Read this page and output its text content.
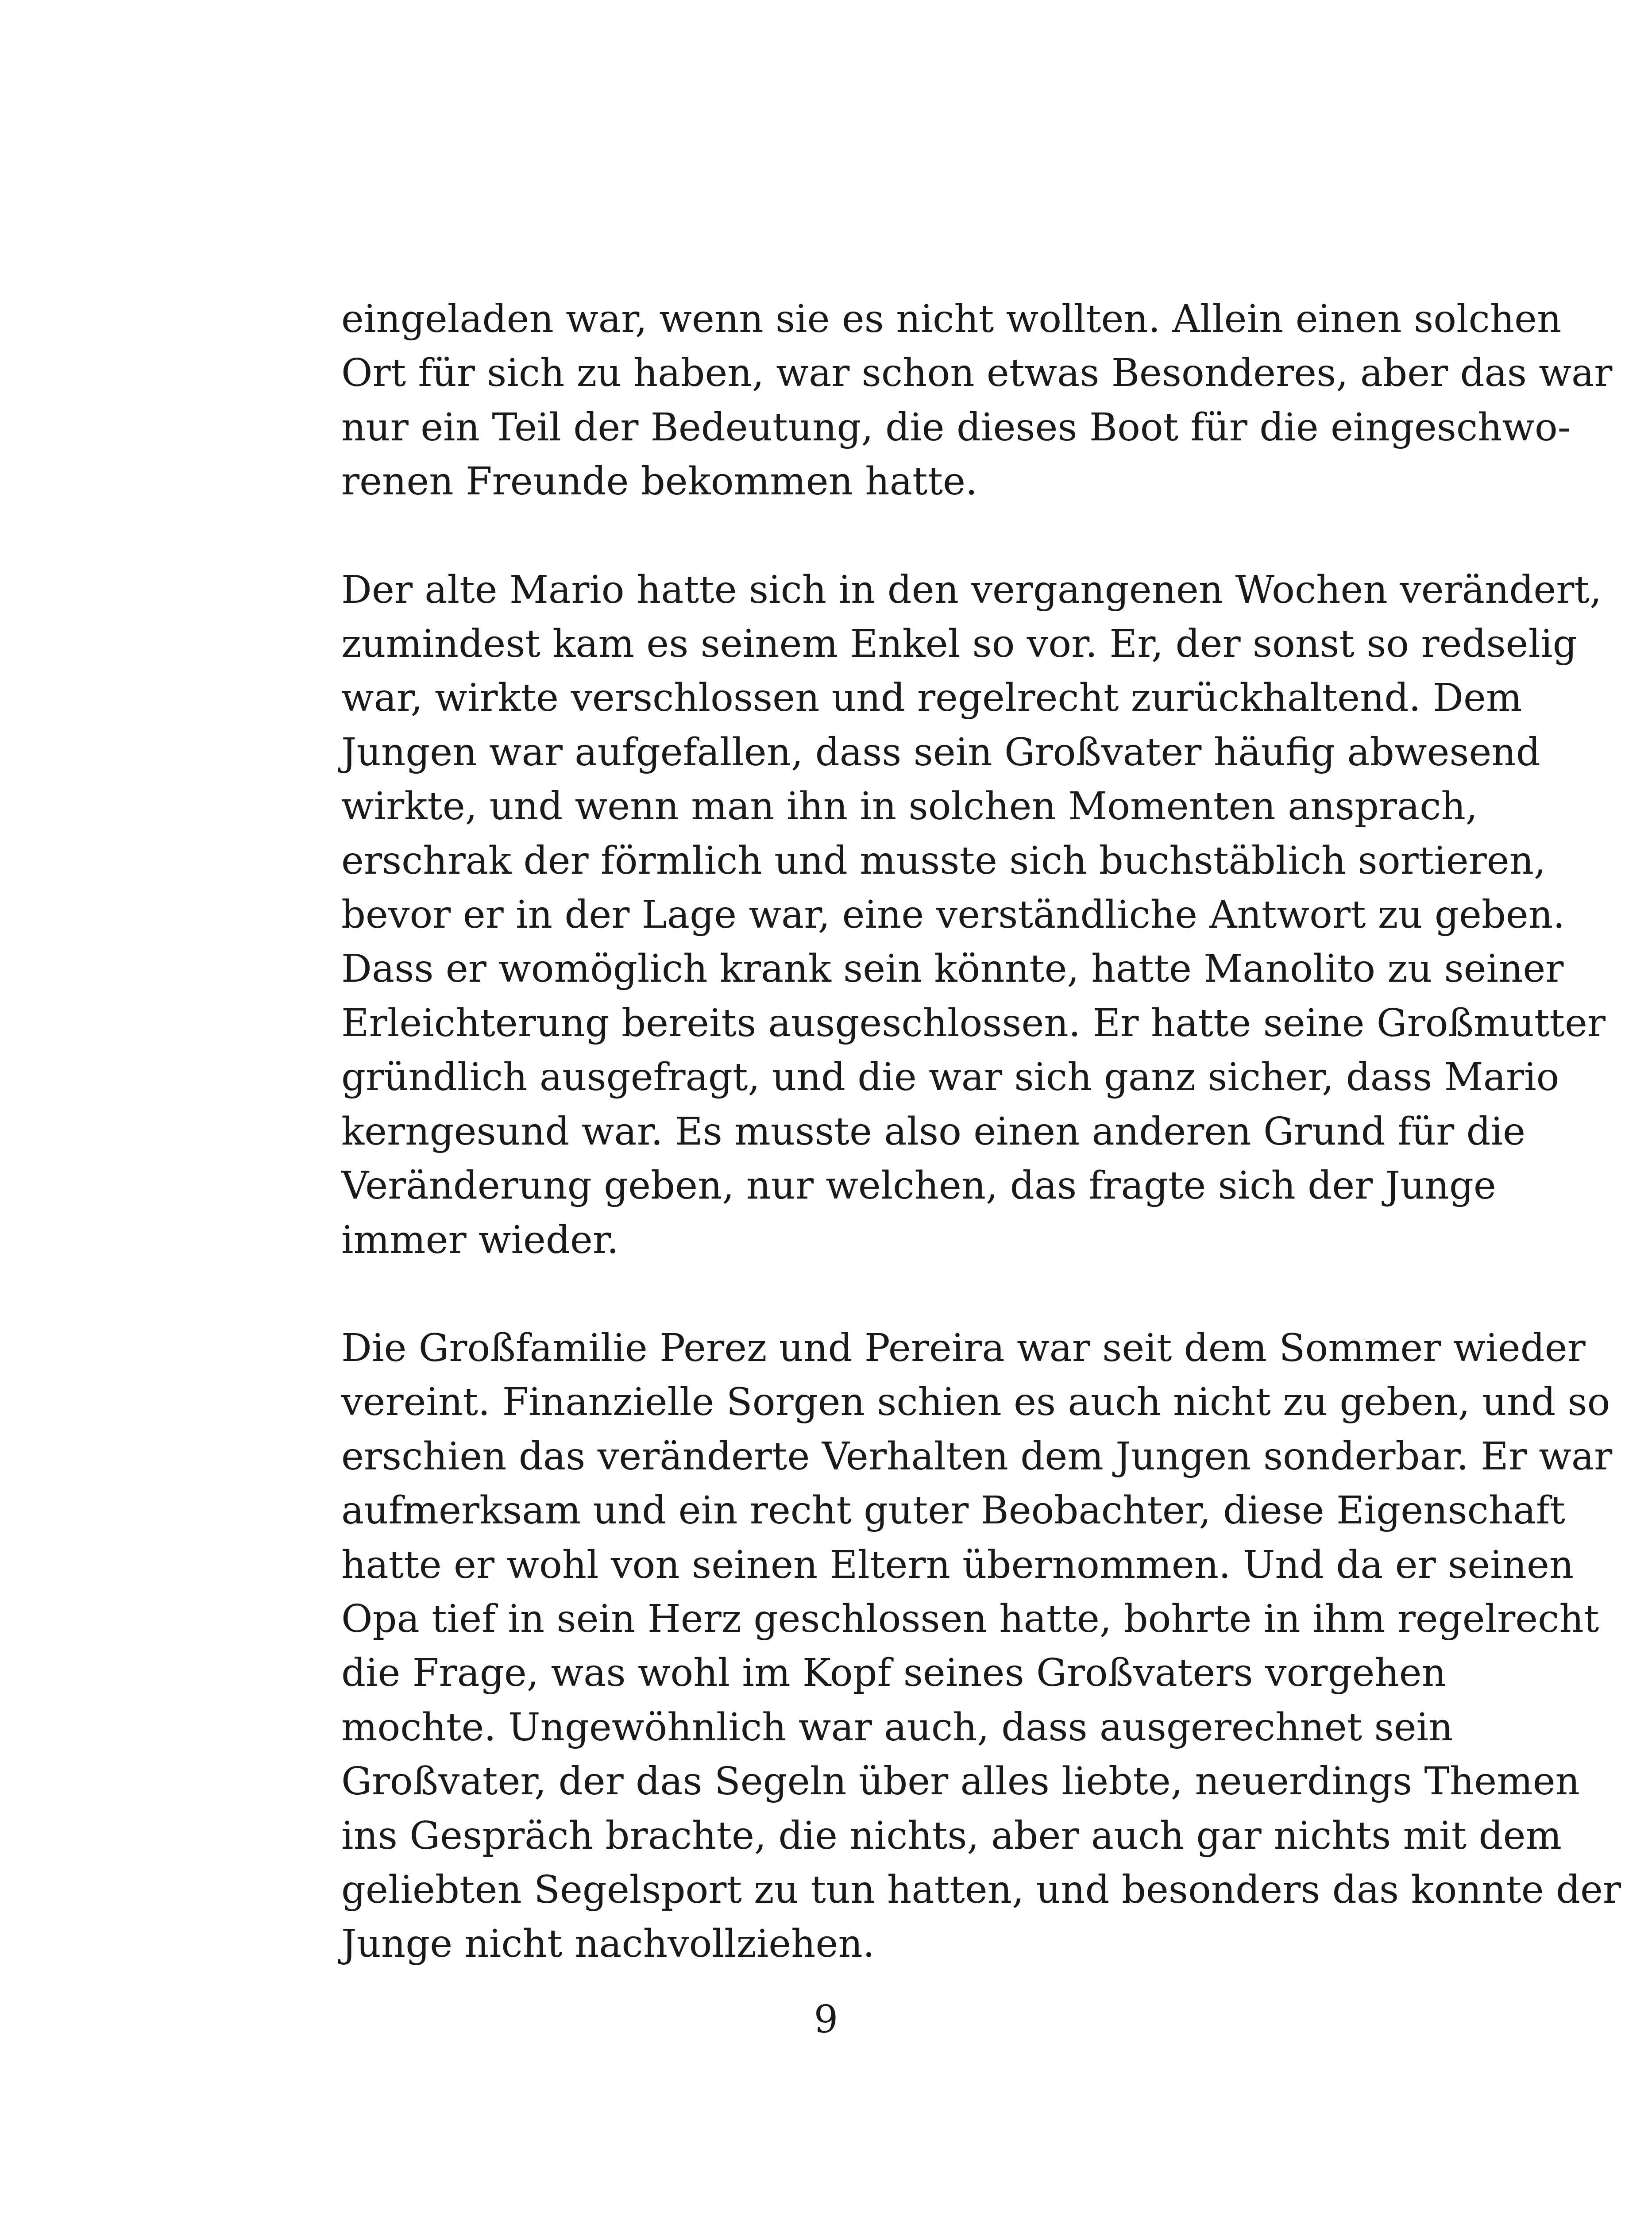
eingeladen war, wenn sie es nicht wollten. Allein einen solchen
Ort für sich zu haben, war schon etwas Besonderes, aber das war
nur ein Teil der Bedeutung, die dieses Boot für die eingeschwo-
renen Freunde bekommen hatte.
Der alte Mario hatte sich in den vergangenen Wochen verändert,
zumindest kam es seinem Enkel so vor. Er, der sonst so redselig
war, wirkte verschlossen und regelrecht zurückhaltend. Dem
Jungen war aufgefallen, dass sein Großvater häufig abwesend
wirkte, und wenn man ihn in solchen Momenten ansprach,
erschrak der förmlich und musste sich buchstäblich sortieren,
bevor er in der Lage war, eine verständliche Antwort zu geben.
Dass er womöglich krank sein könnte, hatte Manolito zu seiner
Erleichterung bereits ausgeschlossen. Er hatte seine Großmutter
gründlich ausgefragt, und die war sich ganz sicher, dass Mario
kerngesund war. Es musste also einen anderen Grund für die
Veränderung geben, nur welchen, das fragte sich der Junge
immer wieder.
Die Großfamilie Perez und Pereira war seit dem Sommer wieder
vereint. Finanzielle Sorgen schien es auch nicht zu geben, und so
erschien das veränderte Verhalten dem Jungen sonderbar. Er war
aufmerksam und ein recht guter Beobachter, diese Eigenschaft
hatte er wohl von seinen Eltern übernommen. Und da er seinen
Opa tief in sein Herz geschlossen hatte, bohrte in ihm regelrecht
die Frage, was wohl im Kopf seines Großvaters vorgehen
mochte. Ungewöhnlich war auch, dass ausgerechnet sein
Großvater, der das Segeln über alles liebte, neuerdings Themen
ins Gespräch brachte, die nichts, aber auch gar nichts mit dem
geliebten Segelsport zu tun hatten, und besonders das konnte der
Junge nicht nachvollziehen.
9
